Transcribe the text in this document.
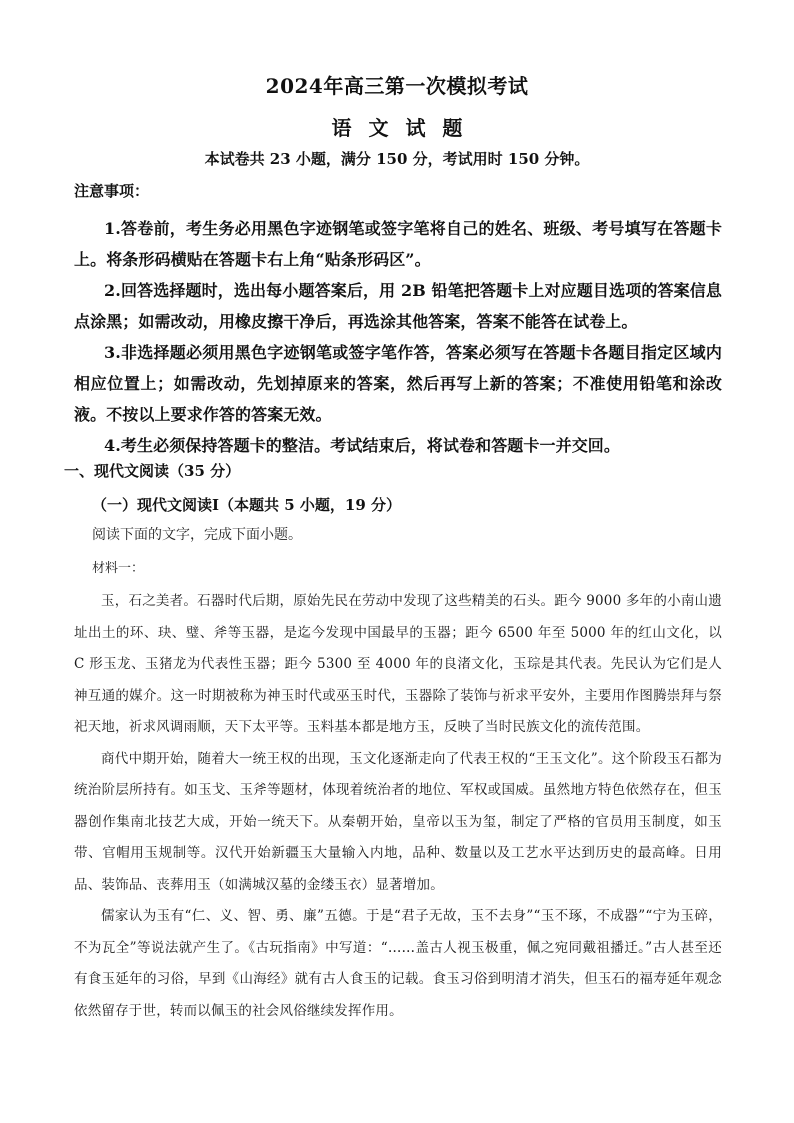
2024年高三第一次模拟考试
语 文 试 题
本试卷共 23 小题，满分 150 分，考试用时 150 分钟。
注意事项：
1.答卷前，考生务必用黑色字迹钢笔或签字笔将自己的姓名、班级、考号填写在答题卡上。将条形码横贴在答题卡右上角“贴条形码区”。
2.回答选择题时，选出每小题答案后，用 2B 铅笔把答题卡上对应题目选项的答案信息点涂黑；如需改动，用橡皮擦干净后，再选涂其他答案，答案不能答在试卷上。
3.非选择题必须用黑色字迹钢笔或签字笔作答，答案必须写在答题卡各题目指定区域内相应位置上；如需改动，先划掉原来的答案，然后再写上新的答案；不准使用铅笔和涂改液。不按以上要求作答的答案无效。
4.考生必须保持答题卡的整洁。考试结束后，将试卷和答题卡一并交回。
一、现代文阅读（35 分）
（一）现代文阅读Ⅰ（本题共 5 小题，19 分）
阅读下面的文字，完成下面小题。
材料一：

玉，石之美者。石器时代后期，原始先民在劳动中发现了这些精美的石头。距今 9000 多年的小南山遗址出土的环、玦、璧、斧等玉器，是迄今发现中国最早的玉器；距今 6500 年至 5000 年的红山文化，以 C 形玉龙、玉猪龙为代表性玉器；距今 5300 至 4000 年的良渚文化，玉琮是其代表。先民认为它们是人神互通的媒介。这一时期被称为神玉时代或巫玉时代，玉器除了装饰与祈求平安外，主要用作图腾崇拜与祭祀天地，祈求风调雨顺，天下太平等。玉料基本都是地方玉，反映了当时民族文化的流传范围。

商代中期开始，随着大一统王权的出现，玉文化逐渐走向了代表王权的“王玉文化”。这个阶段玉石都为统治阶层所持有。如玉戈、玉斧等题材，体现着统治者的地位、军权或国威。虽然地方特色依然存在，但玉器创作集南北技艺大成，开始一统天下。从秦朝开始，皇帝以玉为玺，制定了严格的官员用玉制度，如玉带、官帽用玉规制等。汉代开始新疆玉大量输入内地，品种、数量以及工艺水平达到历史的最高峰。日用品、装饰品、丧葬用玉（如满城汉墓的金缕玉衣）显著增加。

儒家认为玉有“仁、义、智、勇、廉”五德。于是“君子无故，玉不去身”“玉不琢，不成器”“宁为玉碎，不为瓦全”等说法就产生了。《古玩指南》中写道：“……盖古人视玉极重，佩之宛同戴祖播迁。”古人甚至还有食玉延年的习俗，早到《山海经》就有古人食玉的记载。食玉习俗到明清才消失，但玉石的福寿延年观念依然留存于世，转而以佩玉的社会风俗继续发挥作用。
